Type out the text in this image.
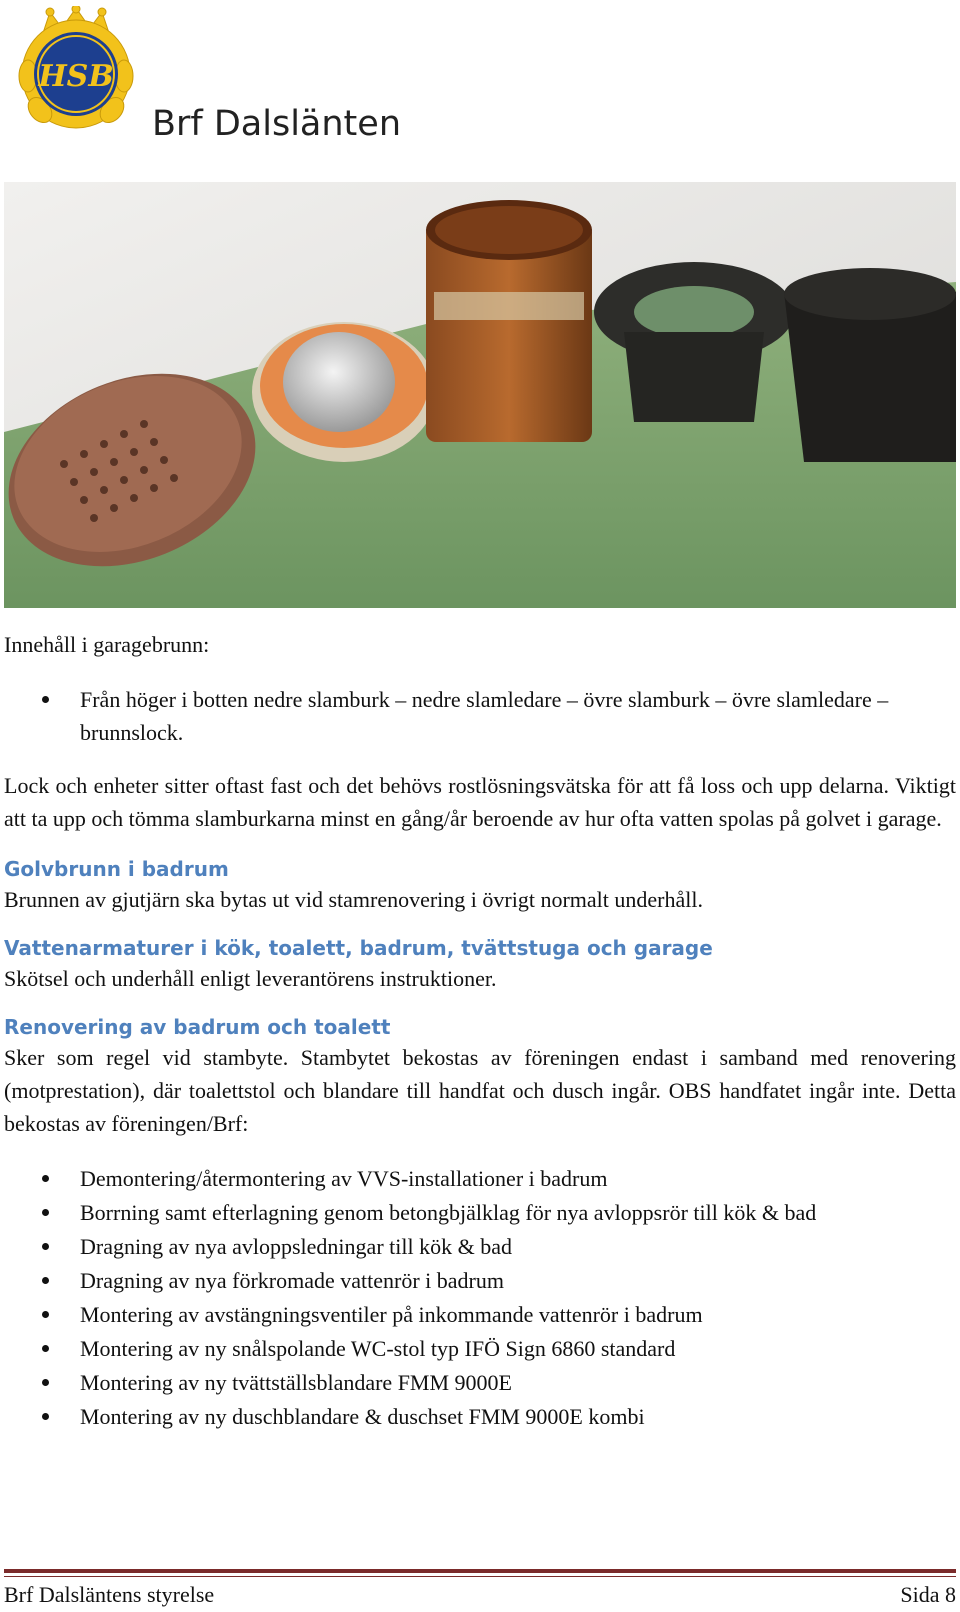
HSB
Brf Dalslänten

Innehåll i garagebrunn:

Från höger i botten nedre slamburk – nedre slamledare – övre slamburk – övre slamledare – brunnslock.

Lock och enheter sitter oftast fast och det behövs rostlösningsvätska för att få loss och upp delarna. Viktigt att ta upp och tömma slamburkarna minst en gång/år beroende av hur ofta vatten spolas på golvet i garage.

Golvbrunn i badrum

Brunnen av gjutjärn ska bytas ut vid stamrenovering i övrigt normalt underhåll.

Vattenarmaturer i kök, toalett, badrum, tvättstuga och garage

Skötsel och underhåll enligt leverantörens instruktioner.

Renovering av badrum och toalett

Sker som regel vid stambyte. Stambytet bekostas av föreningen endast i samband med renovering (motprestation), där toalettstol och blandare till handfat och dusch ingår. OBS handfatet ingår inte. Detta bekostas av föreningen/Brf:

Demontering/återmontering av VVS-installationer i badrum
Borrning samt efterlagning genom betongbjälklag för nya avloppsrör till kök & bad
Dragning av nya avloppsledningar till kök & bad
Dragning av nya förkromade vattenrör i badrum
Montering av avstängningsventiler på inkommande vattenrör i badrum
Montering av ny snålspolande WC-stol typ IFÖ Sign 6860 standard
Montering av ny tvättställsblandare FMM 9000E
Montering av ny duschblandare & duschset FMM 9000E kombi
Brf Dalsläntens styrelse	Sida 8
